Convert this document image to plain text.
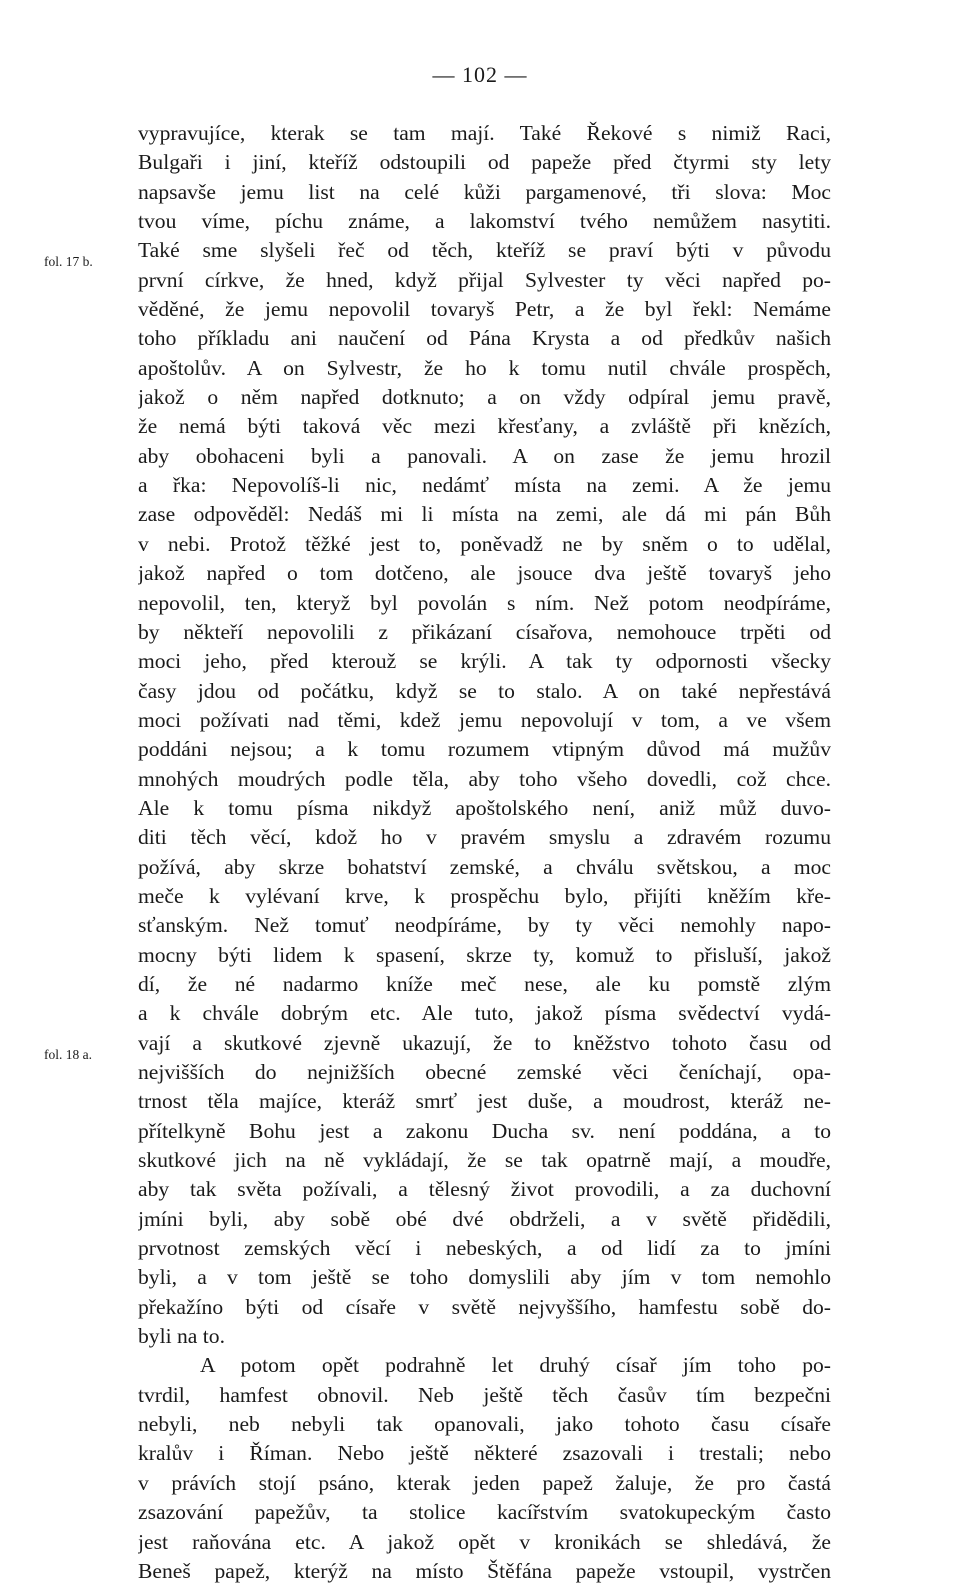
— 102 —
fol. 17 b.
fol. 18 a.
vypravujíce, kterak se tam mají. Také Řekové s nimiž Raci,
Bulgaři i jiní, kteříž odstoupili od papeže před čtyrmi sty lety
napsavše jemu list na celé kůži pargamenové, tři slova: Moc
tvou víme, píchu známe, a lakomství tvého nemůžem nasytiti.
Také sme slyšeli řeč od těch, kteříž se praví býti v původu
první církve, že hned, když přijal Sylvester ty věci napřed po-
věděné, že jemu nepovolil tovaryš Petr, a že byl řekl: Nemáme
toho příkladu ani naučení od Pána Krysta a od předkův našich
apoštolův. A on Sylvestr, že ho k tomu nutil chvále prospěch,
jakož o něm napřed dotknuto; a on vždy odpíral jemu pravě,
že nemá býti taková věc mezi křesťany, a zvláště při knězích,
aby obohaceni byli a panovali. A on zase že jemu hrozil
a řka: Nepovolíš-li nic, nedámť místa na zemi. A že jemu
zase odpověděl: Nedáš mi li místa na zemi, ale dá mi pán Bůh
v nebi. Protož těžké jest to, poněvadž ne by sněm o to udělal,
jakož napřed o tom dotčeno, ale jsouce dva ještě tovaryš jeho
nepovolil, ten, kteryž byl povolán s ním. Než potom neodpíráme,
by někteří nepovolili z přikázaní císařova, nemohouce trpěti od
moci jeho, před kterouž se krýli. A tak ty odpornosti všecky
časy jdou od počátku, když se to stalo. A on také nepřestává
moci požívati nad těmi, kdež jemu nepovolují v tom, a ve všem
poddáni nejsou; a k tomu rozumem vtipným důvod má mužův
mnohých moudrých podle těla, aby toho všeho dovedli, což chce.
Ale k tomu písma nikdyž apoštolského není, aniž můž duvo-
diti těch věcí, kdož ho v pravém smyslu a zdravém rozumu
požívá, aby skrze bohatství zemské, a chválu světskou, a moc
meče k vylévaní krve, k prospěchu bylo, přijíti kněžím kře-
sťanským. Než tomuť neodpíráme, by ty věci nemohly napo-
mocny býti lidem k spasení, skrze ty, komuž to přisluší, jakož
dí, že né nadarmo kníže meč nese, ale ku pomstě zlým
a k chvále dobrým etc. Ale tuto, jakož písma svědectví vydá-
vají a skutkové zjevně ukazují, že to kněžstvo tohoto času od
nejvišších do nejnižších obecné zemské věci čeníchají, opa-
trnost těla majíce, kteráž smrť jest duše, a moudrost, kteráž ne-
přítelkyně Bohu jest a zakonu Ducha sv. není poddána, a to
skutkové jich na ně vykládají, že se tak opatrně mají, a moudře,
aby tak světa požívali, a tělesný život provodili, a za duchovní
jmíni byli, aby sobě obé dvé obdrželi, a v světě přidědili,
prvotnost zemských věcí i nebeských, a od lidí za to jmíni
byli, a v tom ještě se toho domyslili aby jím v tom nemohlo
překažíno býti od císaře v světě nejvyššího, hamfestu sobě do-
byli na to.
A potom opět podrahně let druhý císař jím toho po-
tvrdil, hamfest obnovil. Neb ještě těch časův tím bezpečni
nebyli, neb nebyli tak opanovali, jako tohoto času císaře
kralův i Říman. Nebo ještě některé zsazovali i trestali; nebo
v právích stojí psáno, kterak jeden papež žaluje, že pro častá
zsazování papežův, ta stolice kacířstvím svatokupeckým často
jest raňována etc. A jakož opět v kronikách se shledává, že
Beneš papež, kterýž na místo Štěfána papeže vstoupil, vystrčen
